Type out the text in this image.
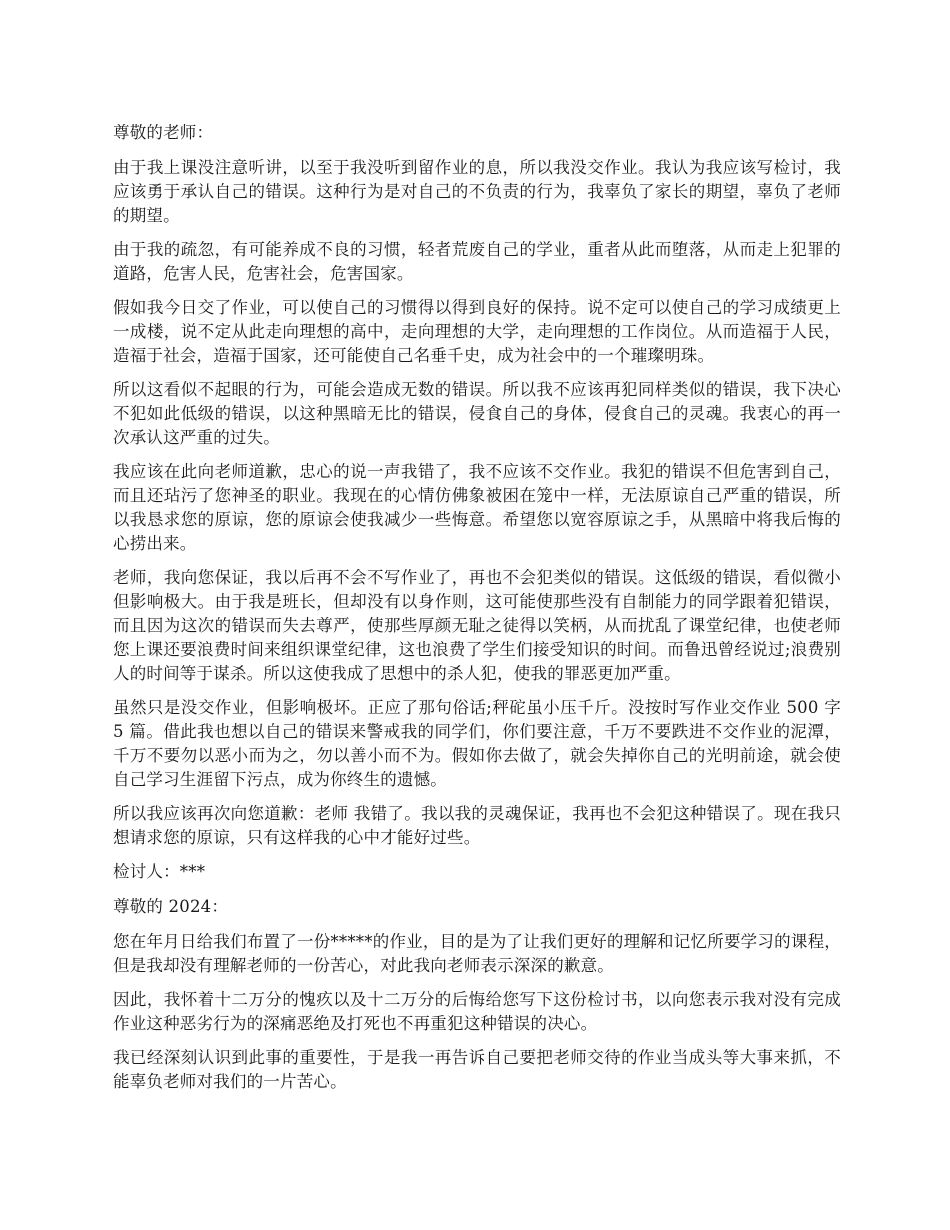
尊敬的老师：

由于我上课没注意听讲，以至于我没听到留作业的息，所以我没交作业。我认为我应该写检讨，我应该勇于承认自己的错误。这种行为是对自己的不负责的行为，我辜负了家长的期望，辜负了老师的期望。

由于我的疏忽，有可能养成不良的习惯，轻者荒废自己的学业，重者从此而堕落，从而走上犯罪的道路，危害人民，危害社会，危害国家。

假如我今日交了作业，可以使自己的习惯得以得到良好的保持。说不定可以使自己的学习成绩更上一成楼，说不定从此走向理想的高中，走向理想的大学，走向理想的工作岗位。从而造福于人民，造福于社会，造福于国家，还可能使自己名垂千史，成为社会中的一个璀璨明珠。

所以这看似不起眼的行为，可能会造成无数的错误。所以我不应该再犯同样类似的错误，我下决心不犯如此低级的错误，以这种黑暗无比的错误，侵食自己的身体，侵食自己的灵魂。我衷心的再一次承认这严重的过失。

我应该在此向老师道歉，忠心的说一声我错了，我不应该不交作业。我犯的错误不但危害到自己，而且还玷污了您神圣的职业。我现在的心情仿佛象被困在笼中一样，无法原谅自己严重的错误，所以我恳求您的原谅，您的原谅会使我减少一些悔意。希望您以宽容原谅之手，从黑暗中将我后悔的心捞出来。

老师，我向您保证，我以后再不会不写作业了，再也不会犯类似的错误。这低级的错误，看似微小但影响极大。由于我是班长，但却没有以身作则，这可能使那些没有自制能力的同学跟着犯错误，而且因为这次的错误而失去尊严，使那些厚颜无耻之徒得以笑柄，从而扰乱了课堂纪律，也使老师您上课还要浪费时间来组织课堂纪律，这也浪费了学生们接受知识的时间。而鲁迅曾经说过;浪费别人的时间等于谋杀。所以这使我成了思想中的杀人犯，使我的罪恶更加严重。

虽然只是没交作业，但影响极坏。正应了那句俗话;秤砣虽小压千斤。没按时写作业交作业 500 字 5 篇。借此我也想以自己的错误来警戒我的同学们，你们要注意，千万不要跌进不交作业的泥潭，千万不要勿以恶小而为之，勿以善小而不为。假如你去做了，就会失掉你自己的光明前途，就会使自己学习生涯留下污点，成为你终生的遗憾。

所以我应该再次向您道歉：老师 我错了。我以我的灵魂保证，我再也不会犯这种错误了。现在我只想请求您的原谅，只有这样我的心中才能好过些。

检讨人：***

尊敬的 2024：

您在年月日给我们布置了一份*****的作业，目的是为了让我们更好的理解和记忆所要学习的课程，但是我却没有理解老师的一份苦心，对此我向老师表示深深的歉意。

因此，我怀着十二万分的愧疚以及十二万分的后悔给您写下这份检讨书，以向您表示我对没有完成作业这种恶劣行为的深痛恶绝及打死也不再重犯这种错误的决心。

我已经深刻认识到此事的重要性，于是我一再告诉自己要把老师交待的作业当成头等大事来抓，不能辜负老师对我们的一片苦心。
